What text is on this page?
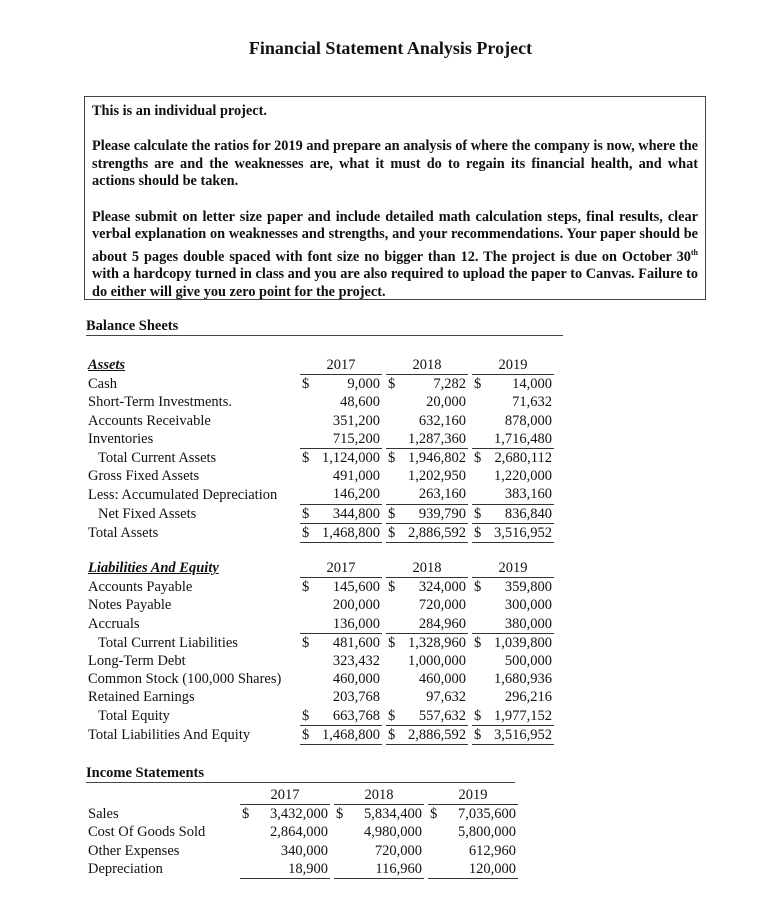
Financial Statement Analysis Project

This is an individual project.

Please calculate the ratios for 2019 and prepare an analysis of where the company is now, where the strengths are and the weaknesses are, what it must do to regain its financial health, and what actions should be taken.

Please submit on letter size paper and include detailed math calculation steps, final results, clear verbal explanation on weaknesses and strengths, and your recommendations. Your paper should be about 5 pages double spaced with font size no bigger than 12. The project is due on October 30th with a hardcopy turned in class and you are also required to upload the paper to Canvas. Failure to do either will give you zero point for the project.

Balance Sheets
Assets	2017		2018		2019
Cash	$ 9,000		$ 7,282		$ 14,000

Short-Term Investments.	48,600		20,000		71,632

Accounts Receivable	351,200		632,160		878,000

Inventories	715,200		1,287,360		1,716,480

Total Current Assets	$ 1,124,000		$ 1,946,802		$ 2,680,112

Gross Fixed Assets	491,000		1,202,950		1,220,000

Less: Accumulated Depreciation	146,200		263,160		383,160

Net Fixed Assets	$ 344,800		$ 939,790		$ 836,840

Total Assets	$ 1,468,800		$ 2,886,592		$ 3,516,952
Liabilities And Equity	2017		2018		2019
Accounts Payable	$ 145,600		$ 324,000		$ 359,800

Notes Payable	200,000		720,000		300,000

Accruals	136,000		284,960		380,000

Total Current Liabilities	$ 481,600		$ 1,328,960		$ 1,039,800

Long-Term Debt	323,432		1,000,000		500,000

Common Stock (100,000 Shares)	460,000		460,000		1,680,936

Retained Earnings	203,768		97,632		296,216

Total Equity	$ 663,768		$ 557,632		$ 1,977,152

Total Liabilities And Equity	$ 1,468,800		$ 2,886,592		$ 3,516,952
Income Statements
	2017		2018		2019
Sales	$ 3,432,000		$ 5,834,400		$ 7,035,600

Cost Of Goods Sold	2,864,000		4,980,000		5,800,000

Other Expenses	340,000		720,000		612,960

Depreciation	18,900		116,960		120,000
